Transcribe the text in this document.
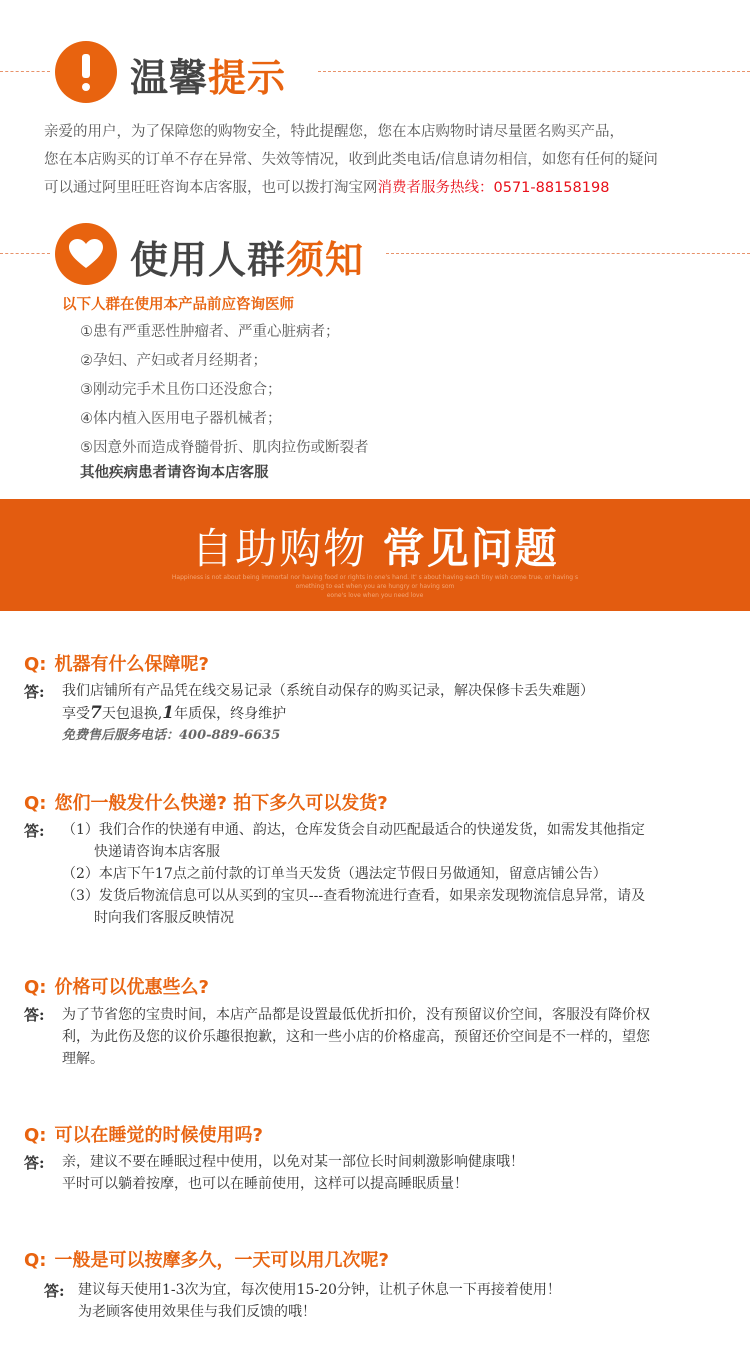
温馨提示
亲爱的用户，为了保障您的购物安全，特此提醒您，您在本店购物时请尽量匿名购买产品，
您在本店购买的订单不存在异常、失效等情况，收到此类电话/信息请勿相信，如您有任何的疑问
可以通过阿里旺旺咨询本店客服，也可以拨打淘宝网消费者服务热线：0571-88158198
使用人群须知
以下人群在使用本产品前应咨询医师
①患有严重恶性肿瘤者、严重心脏病者；
②孕妇、产妇或者月经期者；
③刚动完手术且伤口还没愈合；
④体内植入医用电子器机械者；
⑤因意外而造成脊髓骨折、肌肉拉伤或断裂者
其他疾病患者请咨询本店客服
自助购物 常见问题
Happiness is not about being immortal nor having food or rights in one's hand. It' s about having each tiny wish come true, or having s
omething to eat when you are hungry or having som
eone's love when you need love
Q: 机器有什么保障呢?
答: 我们店铺所有产品凭在线交易记录（系统自动保存的购买记录，解决保修卡丢失难题）
享受7天包退换,1年质保，终身维护
免费售后服务电话：400-889-6635
Q: 您们一般发什么快递? 拍下多久可以发货?
答: （1）我们合作的快递有申通、韵达，仓库发货会自动匹配最适合的快递发货，如需发其他指定
快递请咨询本店客服
（2）本店下午17点之前付款的订单当天发货（遇法定节假日另做通知，留意店铺公告）
（3）发货后物流信息可以从买到的宝贝---查看物流进行查看，如果亲发现物流信息异常，请及
时向我们客服反映情况
Q: 价格可以优惠些么?
答: 为了节省您的宝贵时间，本店产品都是设置最低优折扣价，没有预留议价空间，客服没有降价权
利，为此伤及您的议价乐趣很抱歉，这和一些小店的价格虚高，预留还价空间是不一样的，望您
理解。
Q: 可以在睡觉的时候使用吗?
答: 亲，建议不要在睡眠过程中使用，以免对某一部位长时间刺激影响健康哦！
平时可以躺着按摩，也可以在睡前使用，这样可以提高睡眠质量！
Q: 一般是可以按摩多久，一天可以用几次呢?
答: 建议每天使用1-3次为宜，每次使用15-20分钟，让机子休息一下再接着使用！
为老顾客使用效果佳与我们反馈的哦！
